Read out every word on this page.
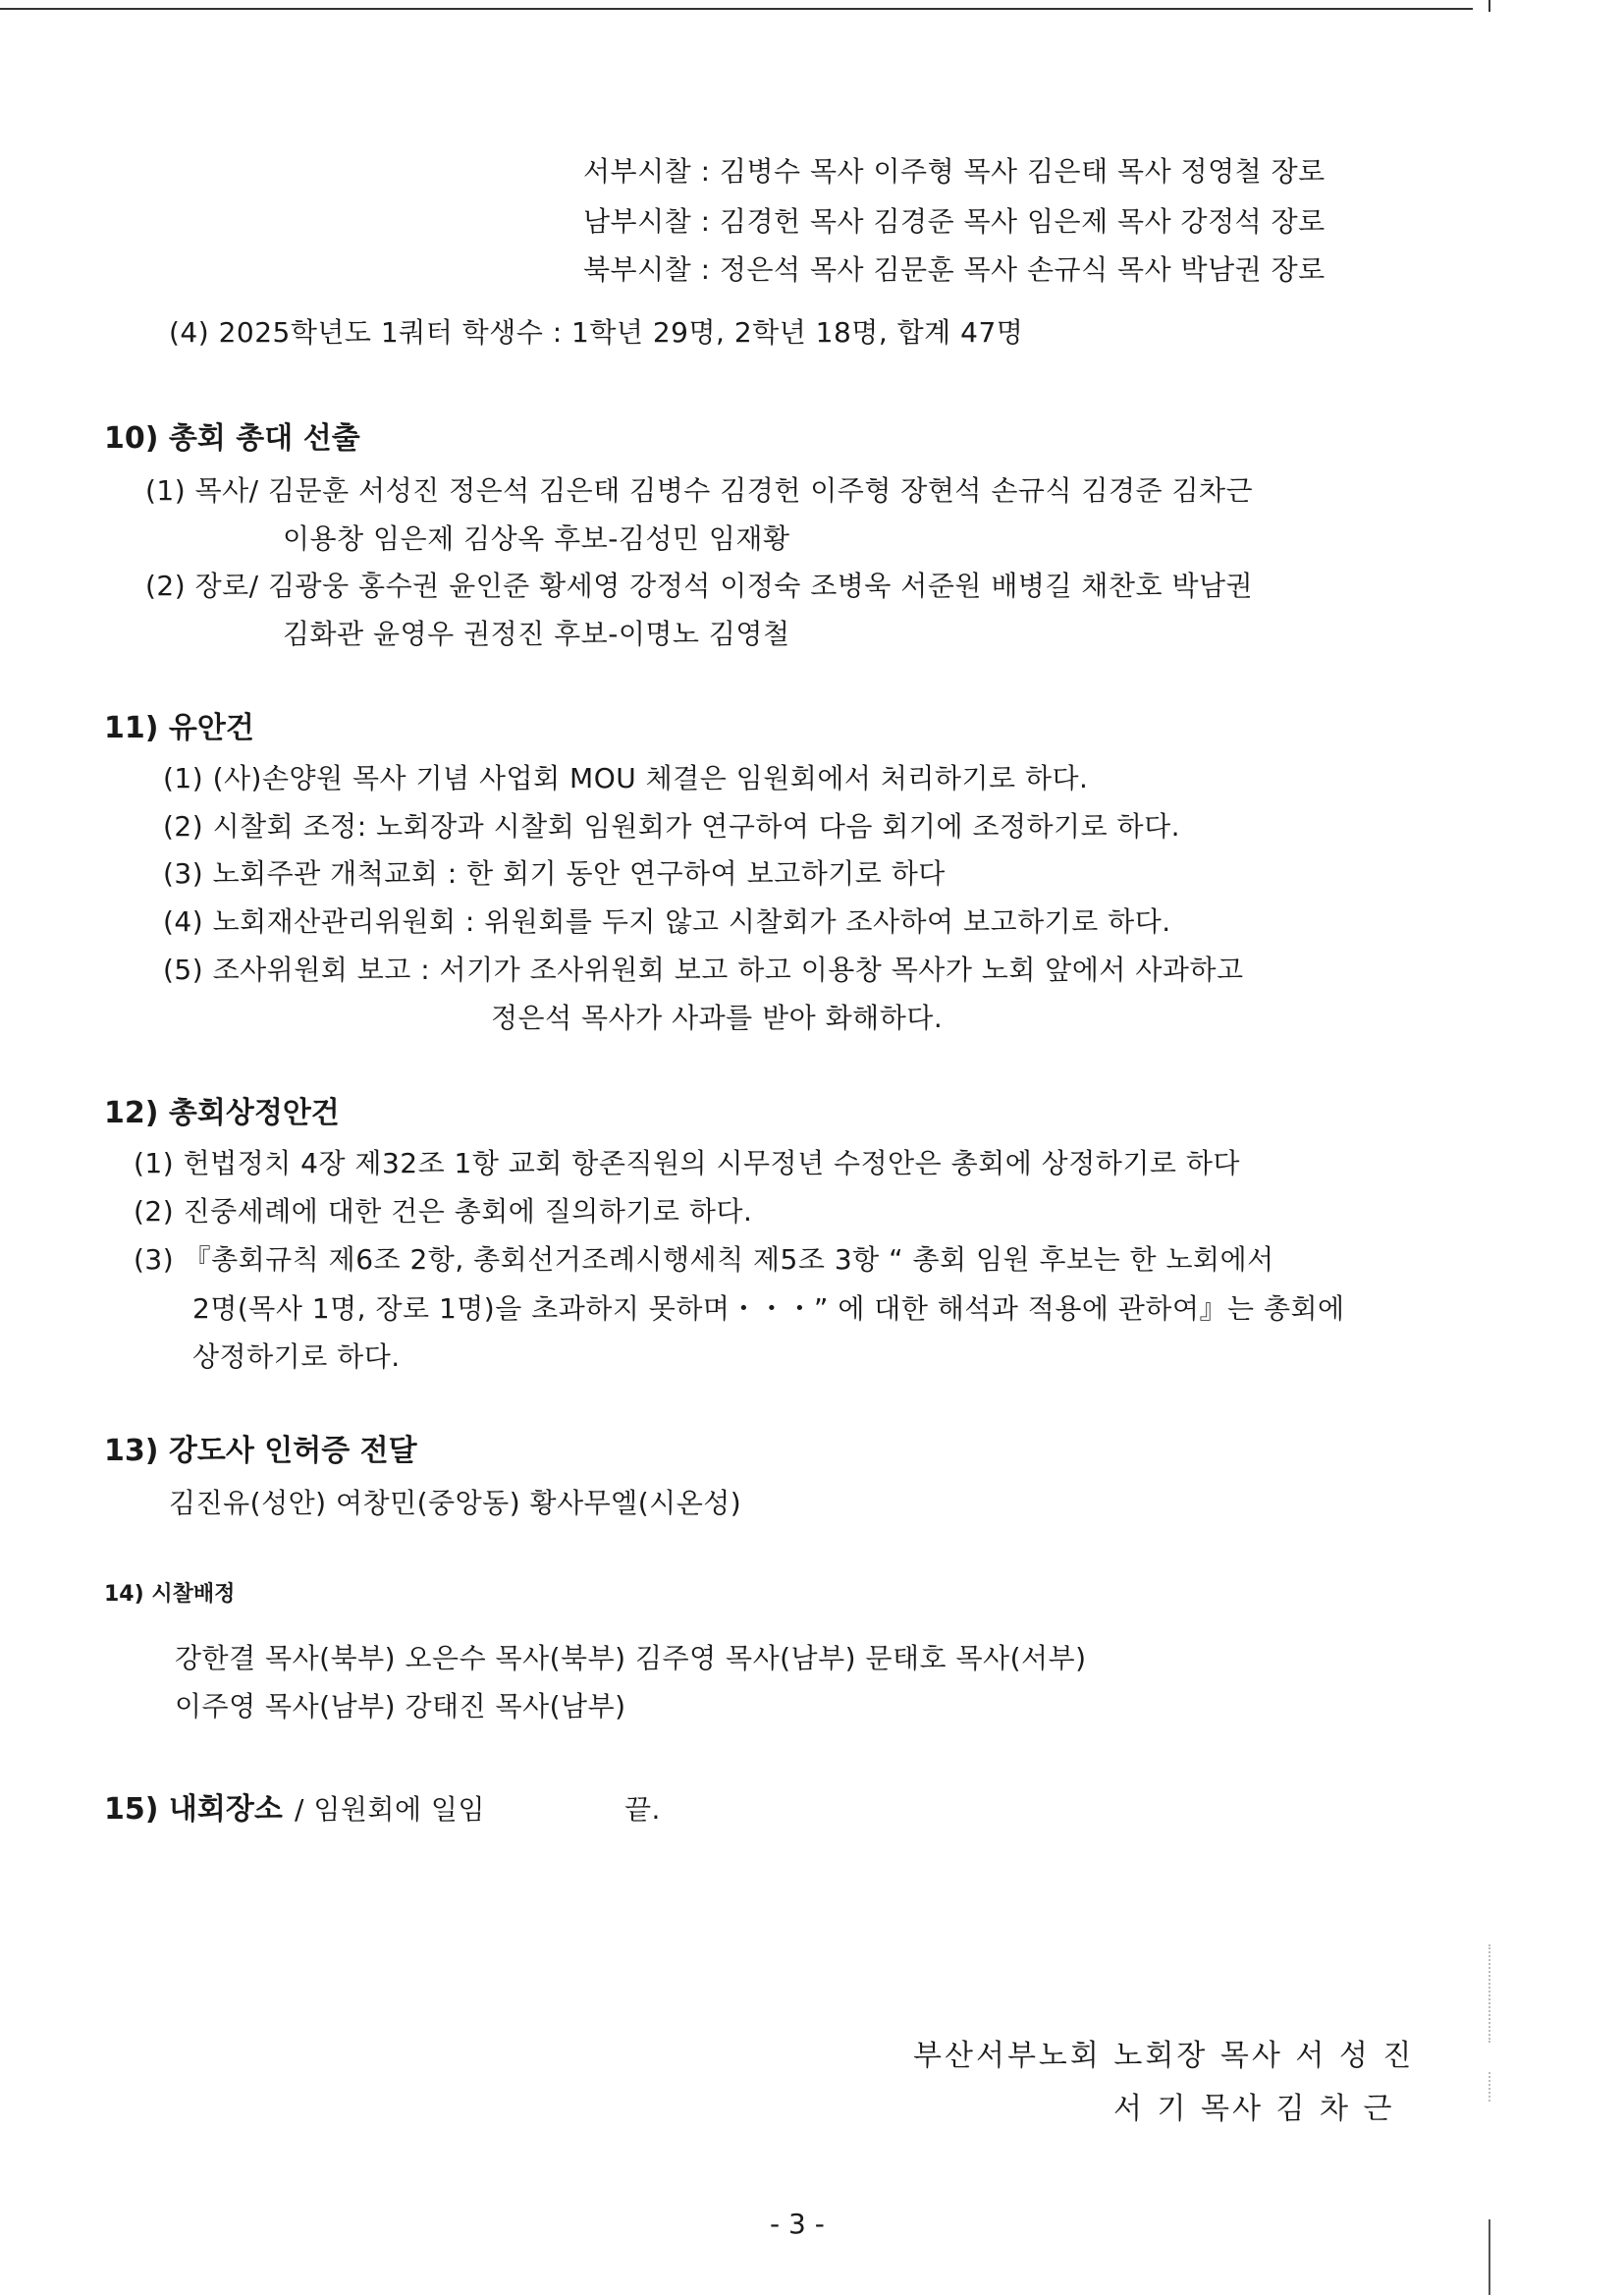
서부시찰 : 김병수 목사 이주형 목사 김은태 목사 정영철 장로
남부시찰 : 김경헌 목사 김경준 목사 임은제 목사 강정석 장로
북부시찰 : 정은석 목사 김문훈 목사 손규식 목사 박남권 장로
(4) 2025학년도 1쿼터 학생수 : 1학년 29명, 2학년 18명, 합계 47명
10) 총회 총대 선출
(1) 목사/ 김문훈 서성진 정은석 김은태 김병수 김경헌 이주형 장현석 손규식 김경준 김차근
이용창 임은제 김상옥 후보-김성민 임재황
(2) 장로/ 김광웅 홍수권 윤인준 황세영 강정석 이정숙 조병욱 서준원 배병길 채찬호 박남권
김화관 윤영우 권정진 후보-이명노 김영철
11) 유안건
(1) (사)손양원 목사 기념 사업회 MOU 체결은 임원회에서 처리하기로 하다.
(2) 시찰회 조정: 노회장과 시찰회 임원회가 연구하여 다음 회기에 조정하기로 하다.
(3) 노회주관 개척교회 : 한 회기 동안 연구하여 보고하기로 하다
(4) 노회재산관리위원회 : 위원회를 두지 않고 시찰회가 조사하여 보고하기로 하다.
(5) 조사위원회 보고 : 서기가 조사위원회 보고 하고 이용창 목사가 노회 앞에서 사과하고
정은석 목사가 사과를 받아 화해하다.
12) 총회상정안건
(1) 헌법정치 4장 제32조 1항 교회 항존직원의 시무정년 수정안은 총회에 상정하기로 하다
(2) 진중세례에 대한 건은 총회에 질의하기로 하다.
(3) 『총회규칙 제6조 2항, 총회선거조례시행세칙 제5조 3항 “ 총회 임원 후보는 한 노회에서
2명(목사 1명, 장로 1명)을 초과하지 못하며・・・” 에 대한 해석과 적용에 관하여』는 총회에
상정하기로 하다.
13) 강도사 인허증 전달
김진유(성안) 여창민(중앙동) 황사무엘(시온성)
14) 시찰배정
강한결 목사(북부) 오은수 목사(북부) 김주영 목사(남부) 문태호 목사(서부)
이주영 목사(남부) 강태진 목사(남부)
15) 내회장소 / 임원회에 일임	끝.
부산서부노회 노회장 목사 서 성 진
서 기 목사 김 차 근
- 3 -
